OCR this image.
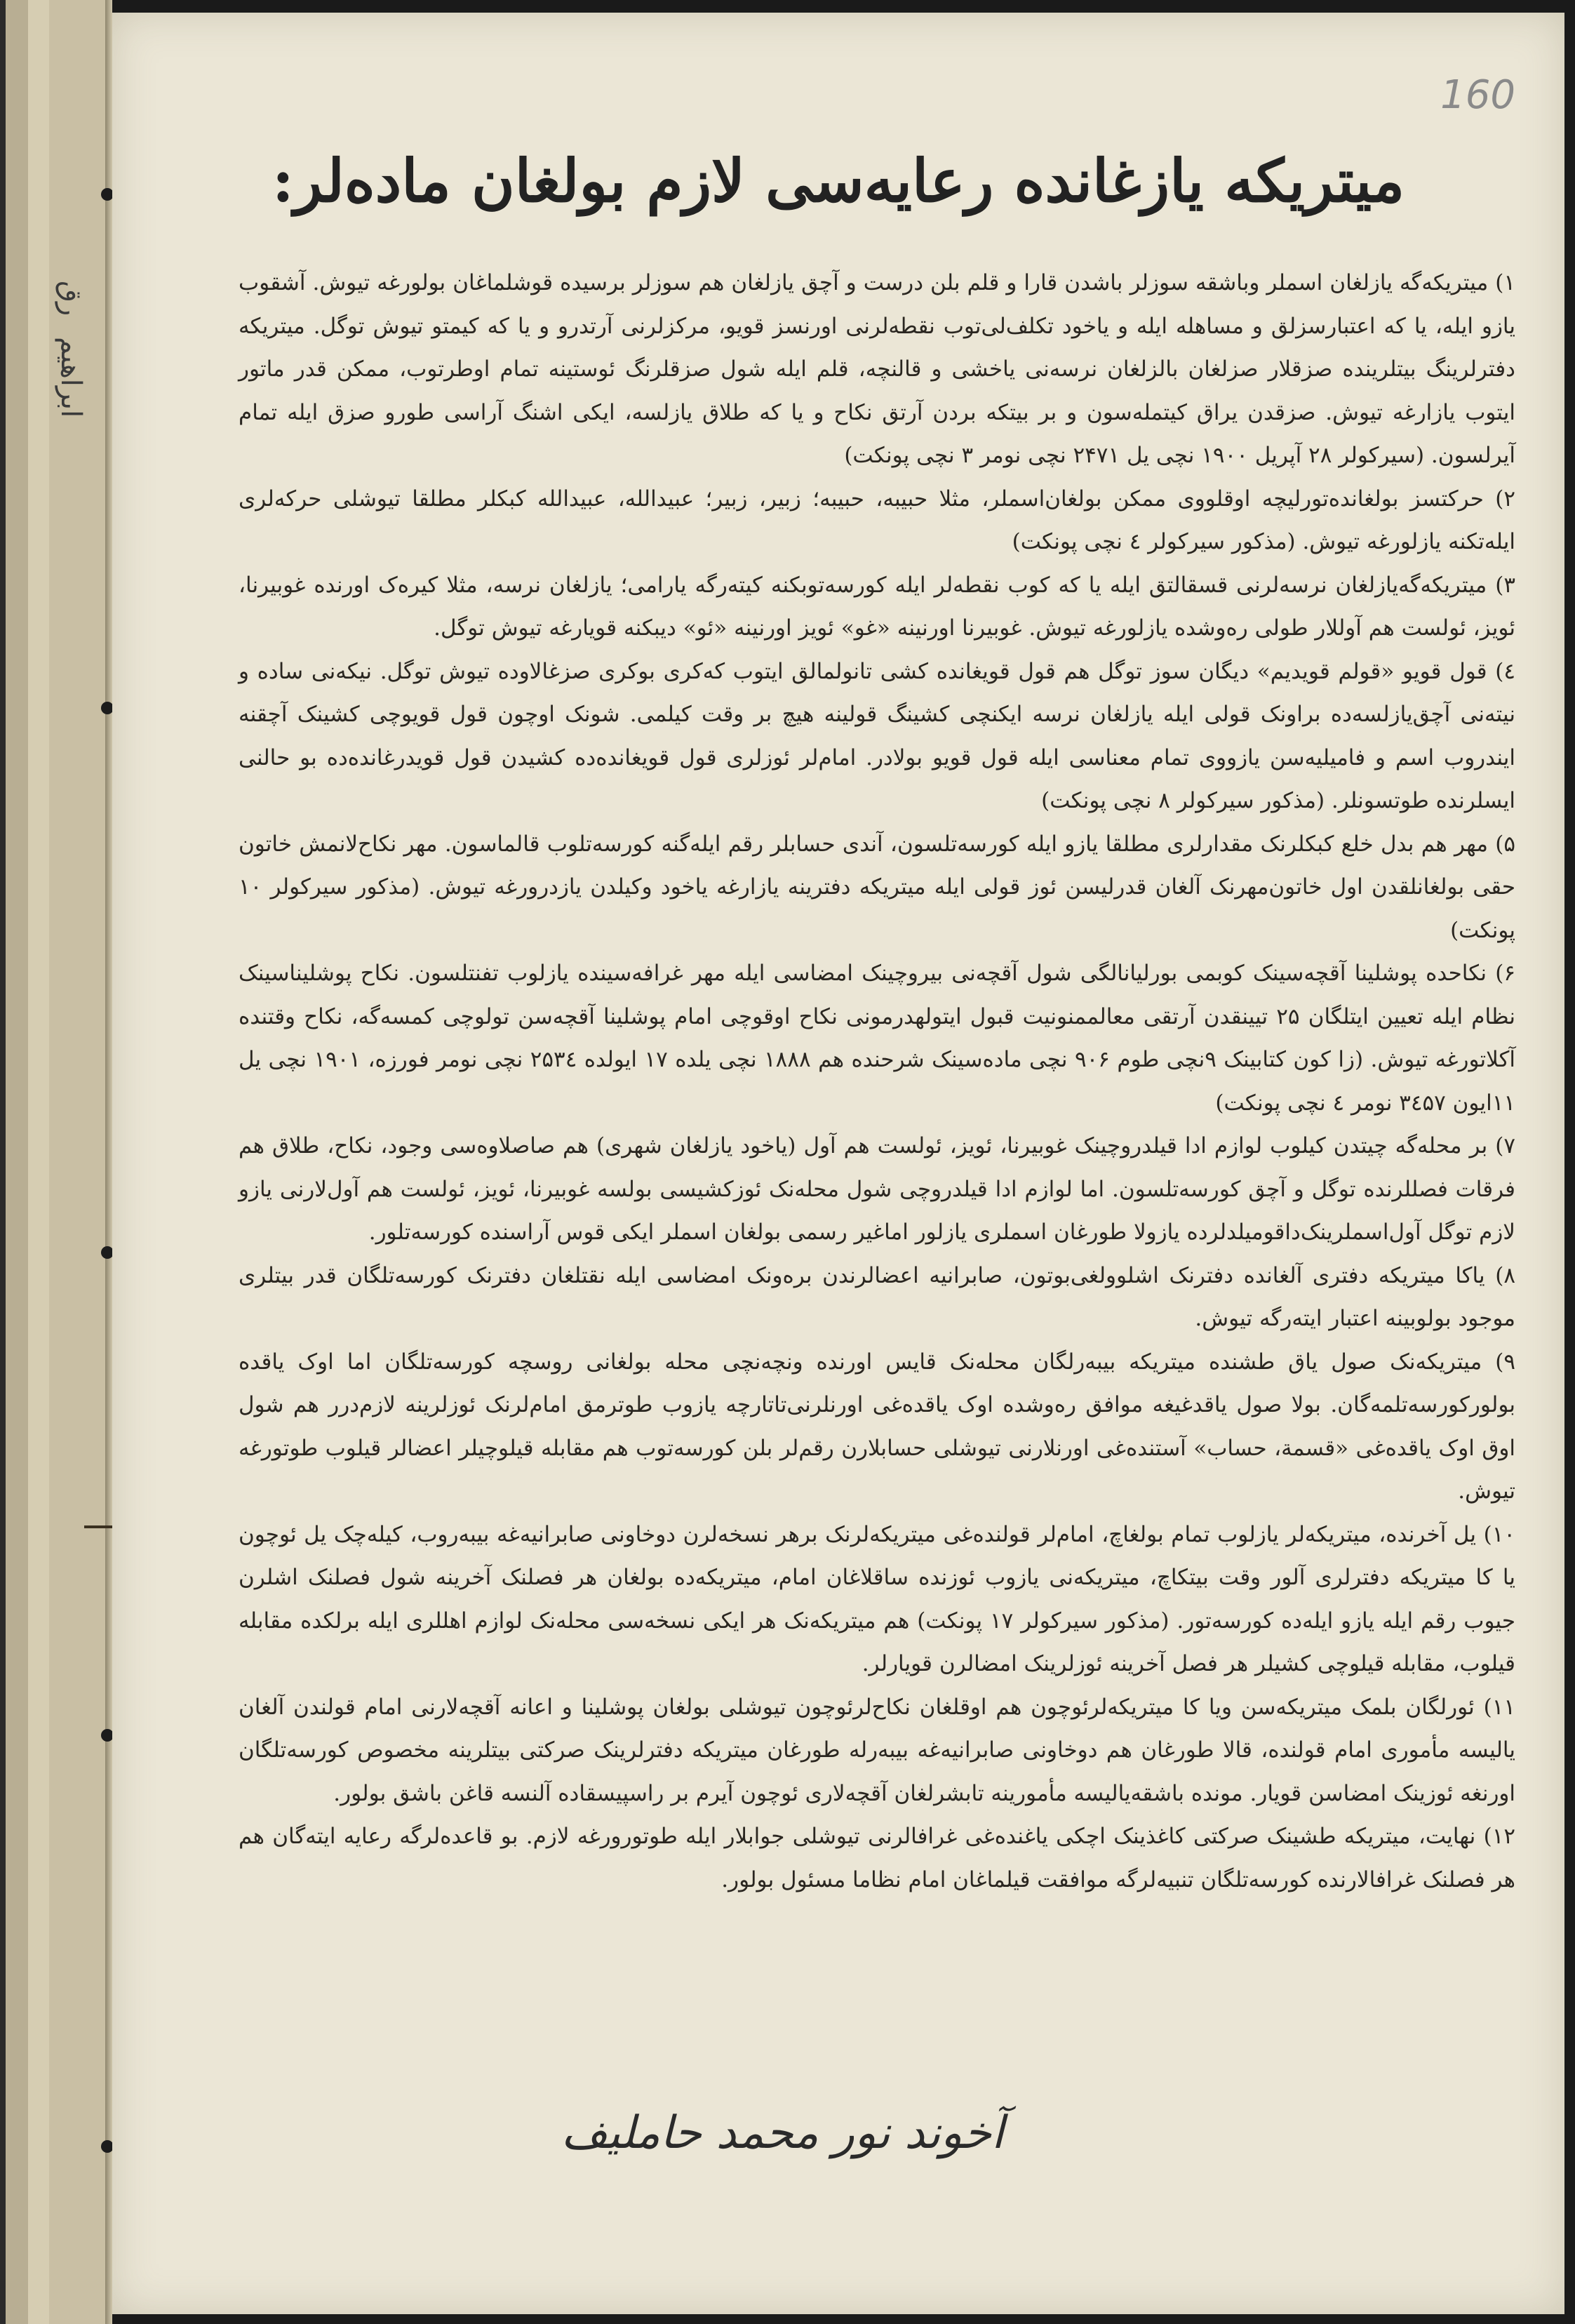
رق
ابراهیم
160
میتریکه یازغانده رعایه‌سی لازم بولغان ماده‌لر:

۱) میتریکه‌گه یازلغان اسملر وباشقه سوزلر باشدن قارا و قلم بلن درست و آچق یازلغان هم سوزلر برسیده قوشلماغان بولورغه تیوش. آشقوب یازو ایله، یا که اعتبارسزلق و مساهله ایله و یاخود تکلف‌لی‌توب نقطه‌لرنی اورنسز قویو، مرکزلرنی آرتدرو و یا که کیمتو تیوش توگل. میتریکه دفترلرینگ بیتلرینده صزقلار صزلغان بالزلغان نرسه‌نی یاخشی و قالنچه، قلم ایله شول صزقلرنگ ئوستینه تمام اوطرتوب، ممکن قدر ماتور ایتوب یازارغه تیوش. صزقدن یراق کیتمله‌سون و بر بیتکه بردن آرتق نکاح و یا که طلاق یازلسه، ایکی اشنگ آراسی طورو صزق ایله تمام آیرلسون. (سیرکولر ۲۸ آپریل ۱۹۰۰ نچی یل ۲۴۷۱ نچی نومر ۳ نچی پونکت)

۲) حرکتسز بولغانده‌تورلیچه اوقلووی ممکن بولغان‌اسملر، مثلا حبیبه، حبیبه؛ زبیر، زبیر؛ عبیدالله، عبیدالله کبکلر مطلقا تیوشلی حرکه‌لری ایله‌تکنه یازلورغه تیوش. (مذکور سیرکولر ٤ نچی پونکت)

۳) میتریکه‌گه‌یازلغان نرسه‌لرنی قسقالتق ایله یا که کوب نقطه‌لر ایله کورسه‌توبکنه کیته‌رگه یارامی؛ یازلغان نرسه، مثلا کیره‌ک اورنده غوبیرنا، ئویز، ئولست هم آوللار طولی ره‌وشده یازلورغه تیوش. غوبیرنا اورنینه «غو» ئویز اورنینه «ئو» دیبکنه قویارغه تیوش توگل.

٤) قول قویو «قولم قویدیم» دیگان سوز توگل هم قول قویغانده کشی تانولمالق ایتوب که‌کری بوکری صزغالاوده تیوش توگل. نیکه‌نی ساده و نیته‌نی آچق‌یازلسه‌ده براونک قولی ایله یازلغان نرسه ایکنچی کشینگ قولینه هیچ بر وقت کیلمی. شونک اوچون قول قویوچی کشینک آچقنه‌ ایندروب اسم و فامیلیه‌سن یازووی تمام معناسی ایله قول قویو بولادر. امام‌لر ئوزلری قول قویغانده‌ده کشیدن قول قویدرغانده‌ده بو حالنی ایسلرنده طوتسونلر. (مذکور سیرکولر ۸ نچی پونکت)

۵) مهر هم بدل خلع کبکلرنک مقدارلری مطلقا یازو ایله کورسه‌تلسون، آندی حسابلر رقم ایله‌گنه کورسه‌تلوب قالماسون. مهر نکاح‌لانمش خاتون حقی بولغانلقدن اول خاتون‌مهرنک آلغان قدرلیسن ئوز قولی ایله میتریکه دفترینه یازارغه یاخود وکیلدن یازدرورغه تیوش. (مذکور سیرکولر ۱۰ پونکت)

۶) نکاحده پوشلینا آقچه‌سینک کوبمی بورلیانالگی شول آقچه‌نی بیروچینک امضاسی ایله مهر غرافه‌سینده یازلوب تفنتلسون. نکاح پوشلیناسینک نظام ایله تعیین ایتلگان ۲۵ تیینقدن آرتقی معالممنونیت قبول ایتولهدرمونی نکاح اوقوچی امام پوشلینا آقچه‌سن تولوچی کمسه‌گه، نکاح وقتنده آکلاتورغه تیوش. (زا کون کتابینک ۹نچی طوم ۹۰۶ نچی ماده‌سینک شرحنده هم ۱۸۸۸ نچی یلده ۱۷ ایولده ۲۵۳٤ نچی نومر فورزه، ۱۹۰۱ نچی یل ۱۱ایون ۳٤۵۷ نومر ٤ نچی پونکت)

۷) بر محله‌گه چیتدن کیلوب لوازم ادا قیلدروچینک غوبیرنا، ئویز، ئولست هم آول (یاخود یازلغان شهری) هم صاصلاوه‌سی وجود، نکاح، طلاق هم فرقات فصللرنده توگل و آچق کورسه‌تلسون. اما لوازم ادا قیلدروچی شول محله‌نک ئوزکشیسی بولسه غوبیرنا، ئویز، ئولست هم آول‌لارنی یازو لازم توگل آول‌اسملرینک‌داقومیلدلرده یازولا طورغان اسملری یازلور اماغیر رسمی بولغان اسملر ایکی قوس آراسنده کورسه‌تلور.

۸) یا‌کا میتریکه دفتری آلغانده دفترنک اشلوولغی‌بوتون، صابرانیه اعضالرندن بره‌ونک امضاسی ایله نقتلغان دفترنک کورسه‌تلگان قدر بیتلری موجود بولوبینه اعتبار ایته‌رگه تیوش.

۹) میتریکه‌نک صول یاق طشنده میتریکه بیبه‌رلگان محله‌نک قایس اورنده ونچه‌نچی محله بولغانی روسچه کورسه‌تلگان اما اوک یاقده بولورکورسه‌تلمه‌گان. بولا صول یاقدغیغه موافق ره‌وشده اوک یاقده‌غی اورنلرنی‌تاتارچه یازوب طوترمق امام‌لرنک ئوزلرینه لازم‌درر هم شول اوق اوک یاقده‌غی «قسمة، حساب» آستنده‌غی اورنلارنی تیوشلی حسابلارن رقم‌لر بلن کورسه‌توب هم مقابله قیلوچیلر اعضالر قیلوب طوتورغه تیوش.

۱۰) یل آخرنده، میتریکه‌لر یازلوب تمام بولغاچ، امام‌لر قولنده‌غی میتریکه‌لرنک برهر نسخه‌لرن دوخاونی صابرانیه‌غه بیبه‌روب، کیله‌چک یل ئوچون یا کا میتریکه دفترلری آلور وقت بیتکاچ، میتریکه‌نی یازوب ئوزنده ساقلاغان امام، میتریکه‌ده بولغان هر فصلنک آخرینه شول فصلنک اشلرن جیوب رقم ایله یازو ایله‌ده کورسه‌تور. (مذکور سیرکولر ۱۷ پونکت) هم میتریکه‌نک هر ایکی نسخه‌سی محله‌نک لوازم اهللری ایله برلکده مقابله قیلوب، مقابله قیلوچی کشیلر هر فصل آخرینه ئوزلرینک امضالرن قویارلر.

۱۱) ئورلگان بلمک میتریکه‌سن ویا کا میتریکه‌لرئوچون هم اوقلغان نکاح‌لرئوچون تیوشلی بولغان پوشلینا و اعانه آقچه‌لارنی امام قولندن آلغان یالیسه مأموری امام قولنده، قالا طورغان هم دوخاونی صابرانیه‌غه بیبه‌رله طورغان میتریکه دفترلرینک صرکتی بیتلرینه مخصوص کورسه‌تلگان اورنغه ئوزینک امضاسن قویار. مونده باشقه‌یالیسه مأمورینه تابشرلغان آقچه‌لاری ئوچون آیرم بر راسپیسقاده آلنسه قاغن باشق بولور.

۱۲) نهایت، میتریکه طشینک صرکتی کاغذینک اچکی یاغنده‌غی غرافالرنی تیوشلی جوابلار ایله طوتورورغه لازم. بو قاعده‌لرگه رعایه ایته‌گان هم هر فصلنک غرافالارنده کورسه‌تلگان تنبیه‌لرگه موافقت قیلماغان امام نظاما مسئول بولور.

آخوند نور محمد حاملیف
